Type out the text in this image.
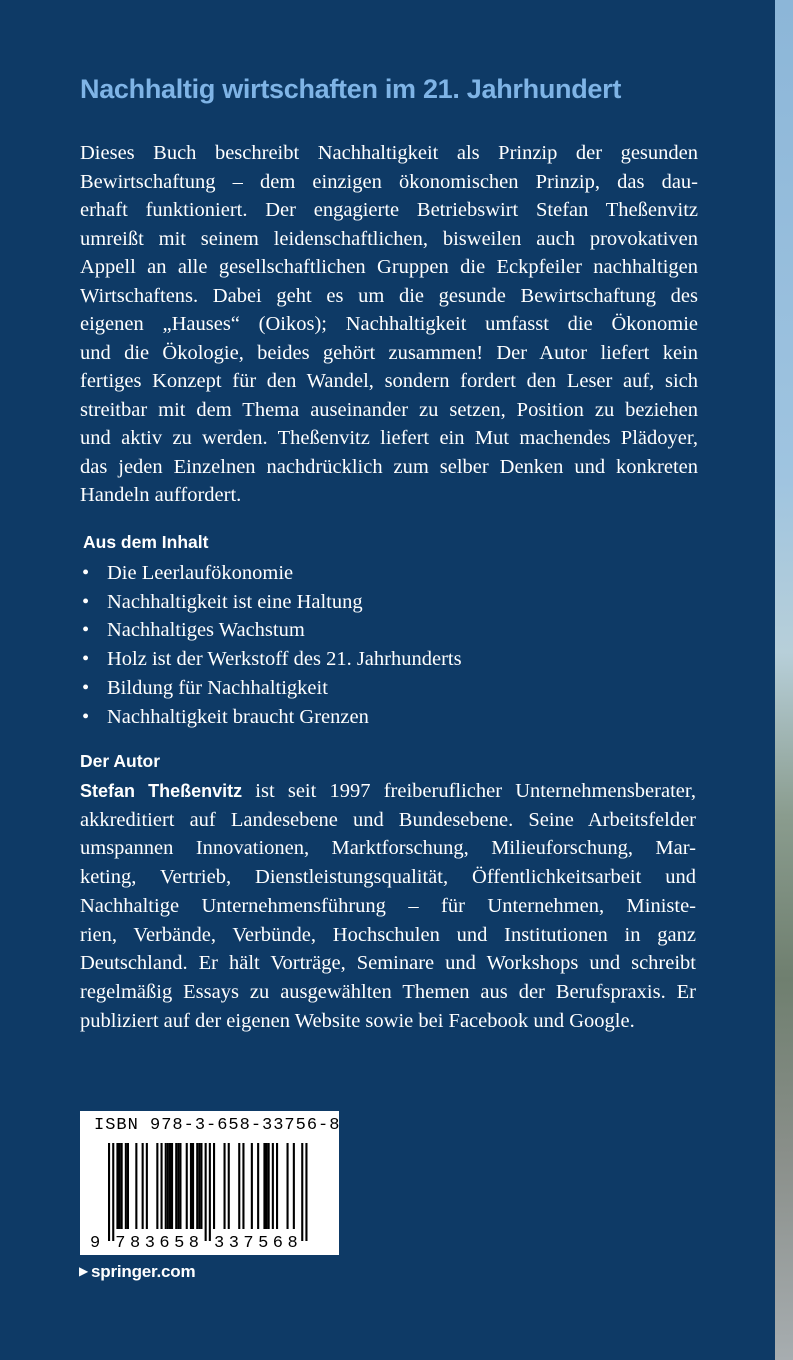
Nachhaltig wirtschaften im 21. Jahrhundert

Dieses Buch beschreibt Nachhaltigkeit als Prinzip der gesunden
Bewirtschaftung – dem einzigen ökonomischen Prinzip, das dau-
erhaft funktioniert. Der engagierte Betriebswirt Stefan Theßenvitz
umreißt mit seinem leidenschaftlichen, bisweilen auch provokativen
Appell an alle gesellschaftlichen Gruppen die Eckpfeiler nachhaltigen
Wirtschaftens. Dabei geht es um die gesunde Bewirtschaftung des
eigenen „Hauses“ (Oikos); Nachhaltigkeit umfasst die Ökonomie
und die Ökologie, beides gehört zusammen! Der Autor liefert kein
fertiges Konzept für den Wandel, sondern fordert den Leser auf, sich
streitbar mit dem Thema auseinander zu setzen, Position zu beziehen
und aktiv zu werden. Theßenvitz liefert ein Mut machendes Plädoyer,
das jeden Einzelnen nachdrücklich zum selber Denken und konkreten
Handeln auffordert.

Aus dem Inhalt
• Die Leerlaufökonomie
• Nachhaltigkeit ist eine Haltung
• Nachhaltiges Wachstum
• Holz ist der Werkstoff des 21. Jahrhunderts
• Bildung für Nachhaltigkeit
• Nachhaltigkeit braucht Grenzen
Der Autor

Stefan Theßenvitz ist seit 1997 freiberuflicher Unternehmensberater,
akkreditiert auf Landesebene und Bundesebene. Seine Arbeitsfelder
umspannen Innovationen, Marktforschung, Milieuforschung, Mar-
keting, Vertrieb, Dienstleistungsqualität, Öffentlichkeitsarbeit und
Nachhaltige Unternehmensführung – für Unternehmen, Ministe-
rien, Verbände, Verbünde, Hochschulen und Institutionen in ganz
Deutschland. Er hält Vorträge, Seminare und Workshops und schreibt
regelmäßig Essays zu ausgewählten Themen aus der Berufspraxis. Er
publiziert auf der eigenen Website sowie bei Facebook und Google.

ISBN 978-3-658-33756-8
9 7 8 3 6 5 8 3 3 7 5 6 8
▶ springer.com
